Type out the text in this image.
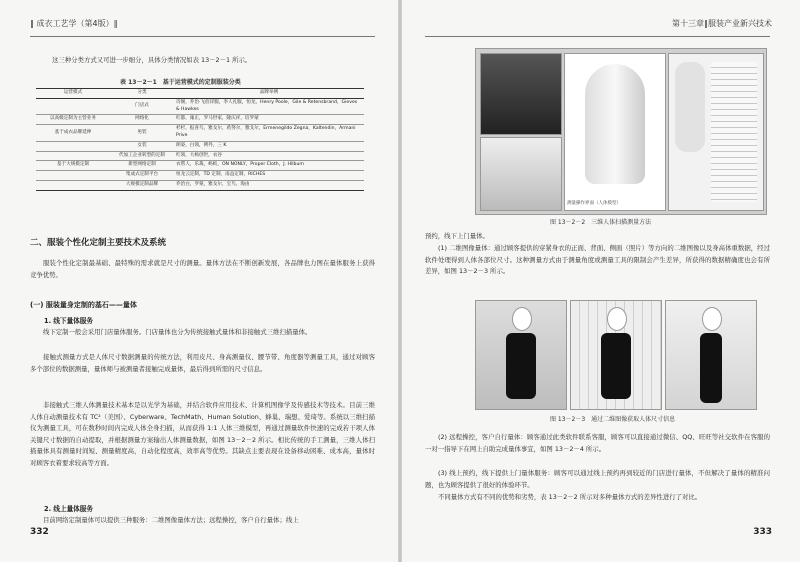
‖ 成衣工艺学（第4版）‖
这三种分类方式又可进一步细分，具体分类情况如表 13－2－1 所示。
表 13－2－1　基于运营模式的定制服装分类
运营模式	分类	品牌举例
	门店式	诗阁，乔治·飞佰洋服，李人礼服，恒龙，Henry Poole，Gile & Retensbrand，Gieves & Hawkes
以高级定制为主营业务	网络化	红都，雍正，罗马世家，隆庆祥，培罗蒙
基于成衣品牌延伸	男装	杉杉，报喜鸟，雅戈尔，希努尔，雅戈尔，Ermenegildo Zegna，Kaltendin，Armani Prive
	女装	朗姿，白领，例外，三 K
	代加工企业转型的定制	红领，大杨创世，衣谷
基于大规模定制	新型网络定制	衣帮人，乐裁，蚂蚁，ON NONLY，Proper Cloth，J. Hilburn
	集成式定制平台	恒龙云定制，TD 定制，南益定制，RICHES
	大规模定制品牌	乔治白，罗蒙，雅戈尔，宝鸟，海由
二、服装个性化定制主要技术及系统
服装个性化定制最基础、最特殊的需求就是尺寸的测量。量体方法在不断创新发展，各品牌也力图在量体服务上获得竞争优势。
(一) 服装量身定制的基石——量体
1. 线下量体服务
线下定制一般会采用门店量体服务。门店量体也分为传统接触式量体和非接触式三维扫描量体。
接触式测量方式是人体尺寸数据测量的传统方法，利用皮尺、身高测量仪、腰节带、角度器等测量工具，通过对顾客多个部位的数据测量，量体师与被测量者接触完成量体，最后得到所需的尺寸信息。
非接触式三维人体测量技术基本是以光学为基础，并结合软件应用技术、计算机图像学及传感技术等技术。目前三维人体自动测量技术有 TC²（美国）、Cyberware、TechMath、Human Solution、蜂巢、瑞想、爱琦等。系统以三维扫描仪为测量工具，可在数秒时间内完成人体全身扫描，从而获得 1:1 人体三维模型，再通过测量软件快速的完成若干项人体关键尺寸数据的自动提取，并根据测量方案输出人体测量数据，如图 13－2－2 所示。相比传统的手工测量，三维人体扫描量体具有测量时间短、测量精度高，自动化程度高，效率高等优势。其缺点主要表现在设备移动困难、成本高，量体时对顾客衣着要求较高等方面。
2. 线上量体服务
目前网络定制量体可以提供三种服务：二维图像量体方法；远程操控，客户自行量体；线上
332
第十三章‖服装产业新兴技术
测量操作界面（人体模型）
图 13－2－2　三维人体扫描测量方法
预约，线下上门量体。
(1) 二维图像量体：通过顾客提供的穿紧身衣的正面、背面、侧面（照片）等方向的二维图像以及身高体重数据，经过软件处理得到人体各部位尺寸。这种测量方式由于测量角度或测量工具的限制会产生差异，所获得的数据精确度也会有所差异，如图 13－2－3 所示。
图 13－2－3　通过二维图像获取人体尺寸信息
(2) 远程操控，客户自行量体：顾客通过此类软件联系客服，顾客可以直接通过微信、QQ、旺旺等社交软件在客服的一对一指导下在网上自助完成量体事宜，如图 13－2－4 所示。
(3) 线上预约，线下提供上门量体服务：顾客可以通过线上预约再到较近的门店进行量体，不但解决了量体的精准问题，也为顾客提供了很好的体验环节。
不同量体方式有不同的优势和劣势，表 13－2－2 所示对多种量体方式的差异性进行了对比。
333
